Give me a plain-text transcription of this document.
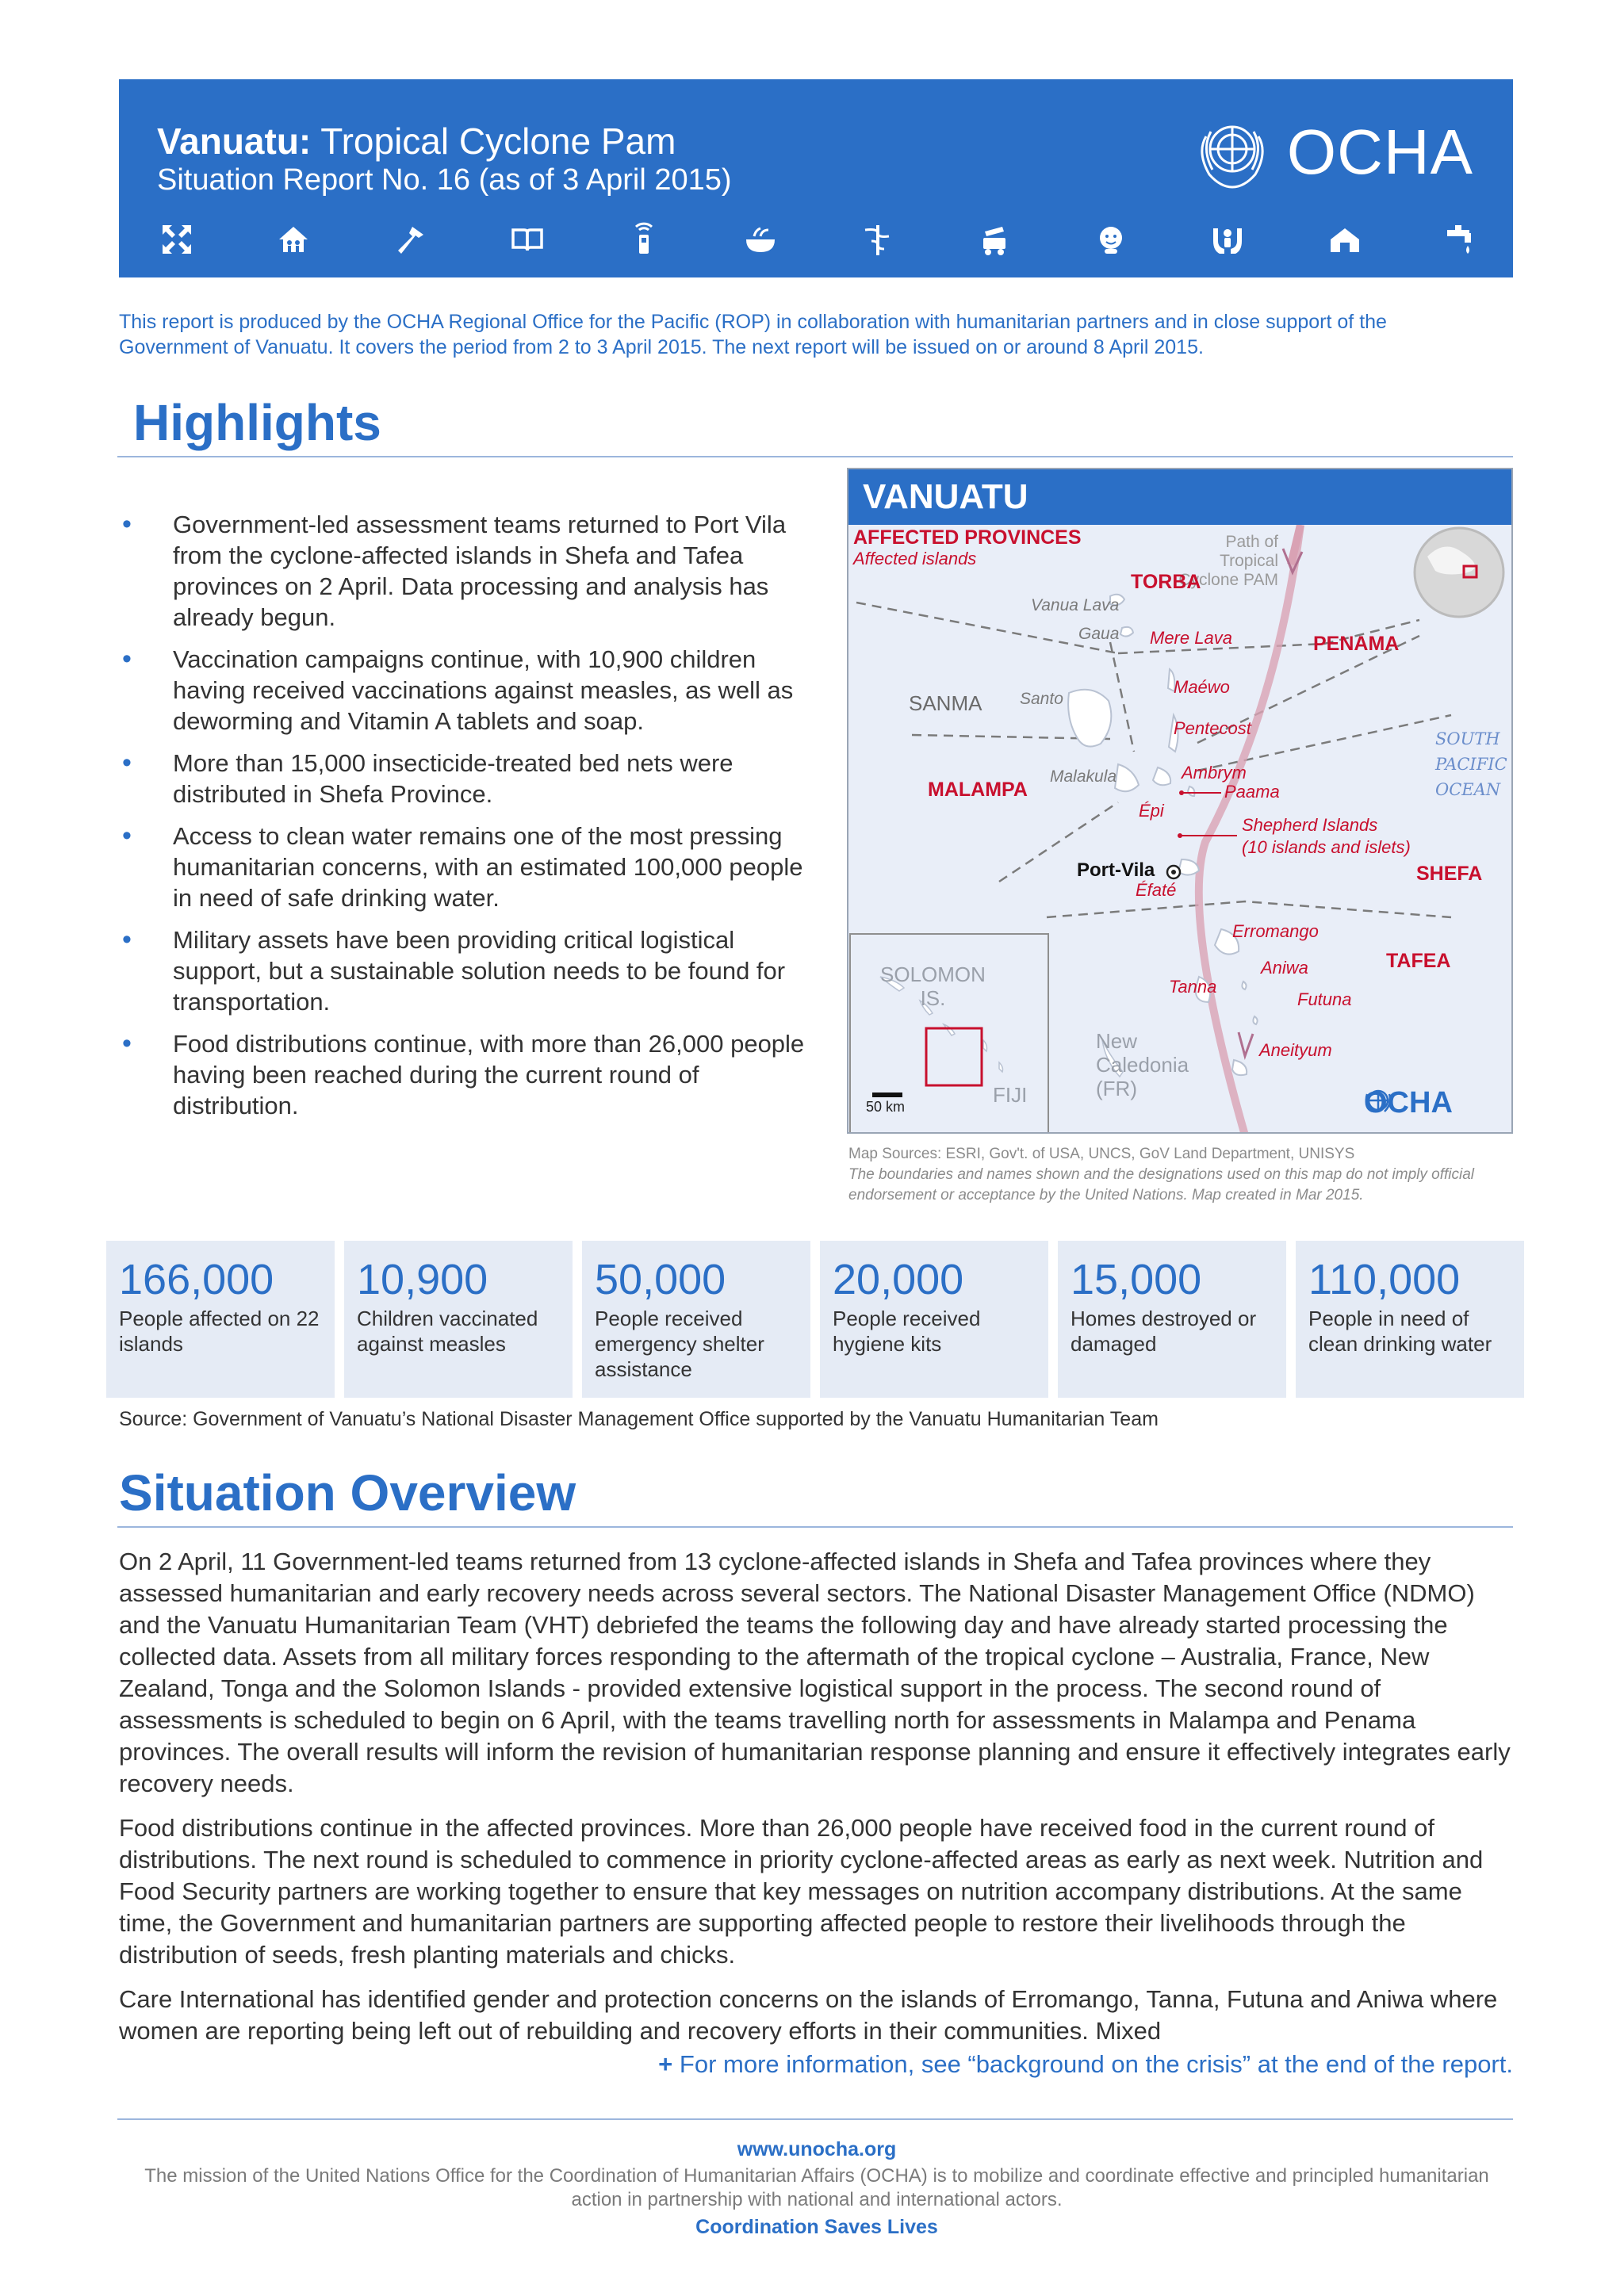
Vanuatu: Tropical Cyclone Pam
Situation Report No. 16 (as of 3 April 2015)	OCHA

This report is produced by the OCHA Regional Office for the Pacific (ROP) in collaboration with humanitarian partners and in close support of the Government of Vanuatu. It covers the period from 2 to 3 April 2015. The next report will be issued on or around 8 April 2015.

Highlights
• Government-led assessment teams returned to Port Vila from the cyclone-affected islands in Shefa and Tafea provinces on 2 April. Data processing and analysis has already begun.
• Vaccination campaigns continue, with 10,900 children having received vaccinations against measles, as well as deworming and Vitamin A tablets and soap.
• More than 15,000 insecticide-treated bed nets were distributed in Shefa Province.
• Access to clean water remains one of the most pressing humanitarian concerns, with an estimated 100,000 people in need of safe drinking water.
• Military assets have been providing critical logistical support, but a sustainable solution needs to be found for transportation.
• Food distributions continue, with more than 26,000 people having been reached during the current round of distribution.
VANUATU
AFFECTED PROVINCES
Affected islands
Path of Tropical Cyclone PAM
TORBA
PENAMA
SANMA
MALAMPA
SHEFA
TAFEA
Vanua Lava
Gaua
Santo
Malakula
Mere Lava
Maéwo
Pentecost
Ambrym
Paama
Épi
Shepherd Islands
(10 islands and islets)
Port-Vila
Éfaté
Erromango
Aniwa
Tanna
Futuna
Aneityum
SOUTH
PACIFIC
OCEAN
SOLOMON
IS.
FIJI
New
Caledonia
(FR)
50 km	OCHA
Map Sources: ESRI, Gov't. of USA, UNCS, GoV Land Department, UNISYS
The boundaries and names shown and the designations used on this map do not imply official endorsement or acceptance by the United Nations. Map created in Mar 2015.
166,000
People affected on 22 islands
10,900
Children vaccinated against measles
50,000
People received emergency shelter assistance
20,000
People received hygiene kits
15,000
Homes destroyed or damaged
110,000
People in need of clean drinking water
Source: Government of Vanuatu’s National Disaster Management Office supported by the Vanuatu Humanitarian Team
Situation Overview

On 2 April, 11 Government-led teams returned from 13 cyclone-affected islands in Shefa and Tafea provinces where they assessed humanitarian and early recovery needs across several sectors. The National Disaster Management Office (NDMO) and the Vanuatu Humanitarian Team (VHT) debriefed the teams the following day and have already started processing the collected data. Assets from all military forces responding to the aftermath of the tropical cyclone – Australia, France, New Zealand, Tonga and the Solomon Islands - provided extensive logistical support in the process. The second round of assessments is scheduled to begin on 6 April, with the teams travelling north for assessments in Malampa and Penama provinces. The overall results will inform the revision of humanitarian response planning and ensure it effectively integrates early recovery needs.

Food distributions continue in the affected provinces. More than 26,000 people have received food in the current round of distributions. The next round is scheduled to commence in priority cyclone-affected areas as early as next week. Nutrition and Food Security partners are working together to ensure that key messages on nutrition accompany distributions. At the same time, the Government and humanitarian partners are supporting affected people to restore their livelihoods through the distribution of seeds, fresh planting materials and chicks.

Care International has identified gender and protection concerns on the islands of Erromango, Tanna, Futuna and Aniwa where women are reporting being left out of rebuilding and recovery efforts in their communities. Mixed

+ For more information, see “background on the crisis” at the end of the report.
www.unocha.org
The mission of the United Nations Office for the Coordination of Humanitarian Affairs (OCHA) is to mobilize and coordinate effective and principled humanitarian action in partnership with national and international actors.
Coordination Saves Lives
